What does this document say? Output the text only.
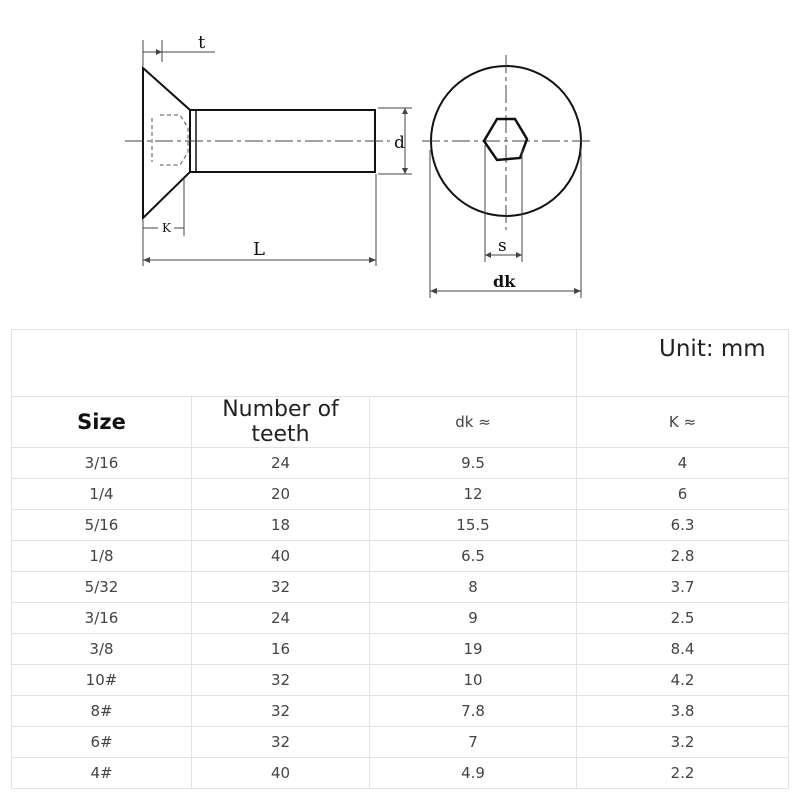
t
d
K
L	s
dk
			Unit: mm
Size	Number of teeth	dk ≈	K ≈
3/16	24	9.5	4
1/4	20	12	6
5/16	18	15.5	6.3
1/8	40	6.5	2.8
5/32	32	8	3.7
3/16	24	9	2.5
3/8	16	19	8.4
10#	32	10	4.2
8#	32	7.8	3.8
6#	32	7	3.2
4#	40	4.9	2.2
